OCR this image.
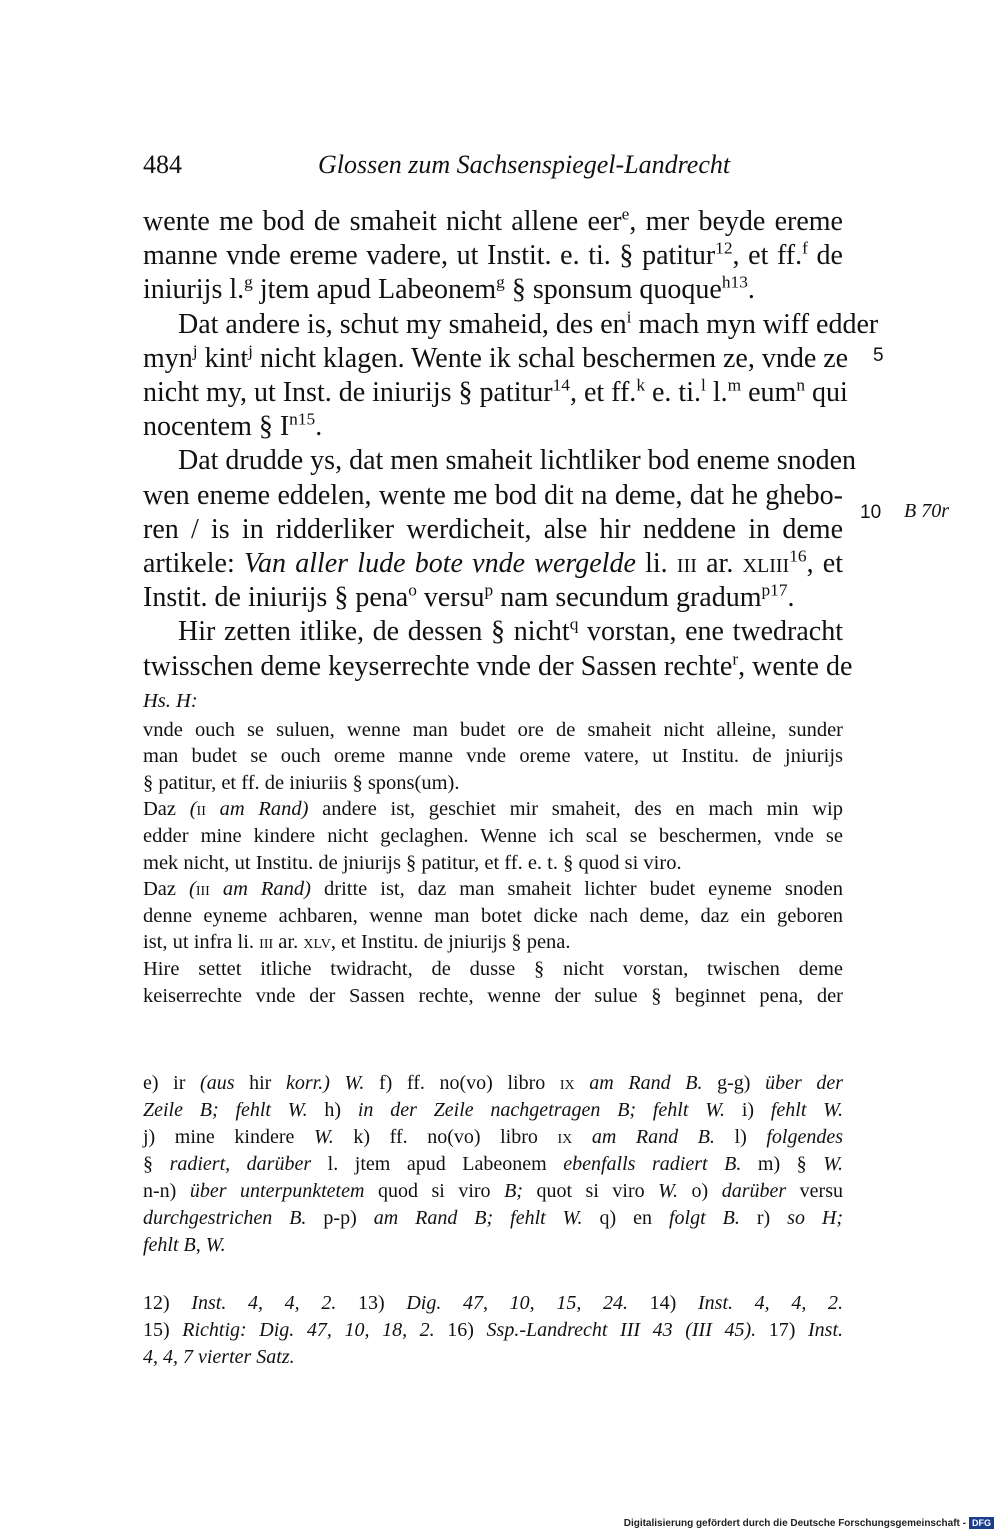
484	Glossen zum Sachsenspiegel-Landrecht

wente me bod de smaheit nicht allene eer$^e$, mer beyde ereme
manne vnde ereme vadere, ut Instit. e. ti. § patitur$^{12}$, et ff.$^f$ de
iniurijs l.$^g$ jtem apud Labeonem$^g$ § sponsum quoque$^{h13}$.

Dat andere is, schut my smaheid, des $en^i$ mach myn wiff edder
myn$^j$ kint$^j$ nicht klagen. Wente ik schal beschermen ze, vnde ze
nicht my, ut Inst. de iniurijs § patitur$^{14}$, et ff.$^k$ e. ti.$^l$ l.$^m$ eum$^n$ qui
nocentem § $I^{n15}$.

Dat drudde ys, dat men smaheit lichtliker bod eneme snoden
wen eneme eddelen, wente me bod dit na deme, dat he ghebo-
ren / is in ridderliker werdicheit, alse hir neddene in deme
artikele: Van aller lude bote vnde wergelde li. iii ar. xliii$^{16}$, et
Instit. de iniurijs § pena$^o$ versu$^p$ nam secundum gradum$^{p17}$.

Hir zetten itlike, de dessen § nicht$^q$ vorstan, ene twedracht
twisschen deme keyserrechte vnde der Sassen rechte$^r$, wente de

5
10 B 70r
Hs. H:
vnde ouch se suluen, wenne man budet ore de smaheit nicht alleine, sunder
man budet se ouch oreme manne vnde oreme vatere, ut Institu. de jniurijs
§ patitur, et ff. de iniuriis § spons(um).
Daz (ii am Rand) andere ist, geschiet mir smaheit, des en mach min wip
edder mine kindere nicht geclaghen. Wenne ich scal se beschermen, vnde se
mek nicht, ut Institu. de jniurijs § patitur, et ff. e. t. § quod si viro.
Daz (iii am Rand) dritte ist, daz man smaheit lichter budet eyneme snoden
denne eyneme achbaren, wenne man botet dicke nach deme, daz ein geboren
ist, ut infra li. iii ar. xlv, et Institu. de jniurijs § pena.
Hire settet itliche twidracht, de dusse § nicht vorstan, twischen deme
keiserrechte vnde der Sassen rechte, wenne der sulue § beginnet pena, der
e) ir (aus hir korr.) W. f) ff. no(vo) libro ix am Rand B. g-g) über der
Zeile B; fehlt W. h) in der Zeile nachgetragen B; fehlt W. i) fehlt W.
j) mine kindere W. k) ff. no(vo) libro ix am Rand B. l) folgendes
§ radiert, darüber l. jtem apud Labeonem ebenfalls radiert B. m) § W.
n-n) über unterpunktetem quod si viro B; quot si viro W. o) darüber versu
durchgestrichen B. p-p) am Rand B; fehlt W. q) en folgt B. r) so H;
fehlt B, W.
12) Inst. 4, 4, 2. 13) Dig. 47, 10, 15, 24. 14) Inst. 4, 4, 2.
15) Richtig: Dig. 47, 10, 18, 2. 16) Ssp.-Landrecht III 43 (III 45). 17) Inst.
4, 4, 7 vierter Satz.
Digitalisierung gefördert durch die Deutsche Forschungsgemeinschaft - DFG
